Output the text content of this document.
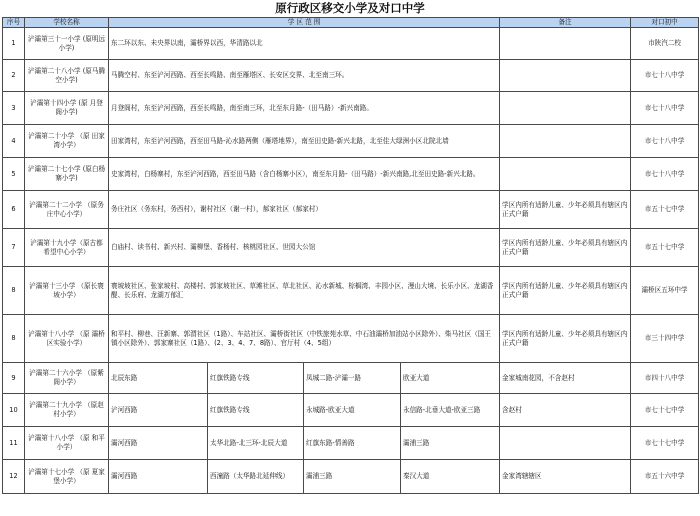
原行政区移交小学及对口中学
序号	学校名称	学 区 范 围				备注	对口初中
1	浐灞第三十一小学 (原明远小学)	东二环以东、未央界以南，灞桥界以西，华清路以北					市陕汽二校
2	浐灞第二十八小学 (原马腾空小学)	马腾空村、东至浐河西路、西至长鸣路、南至雁塔区、长安区交界、北至南三环。					市七十八中学
3	浐灞第十四小学 (原 月登阁小学)	月登阁村，东至浐河西路，西至长鸣路，南至南三环，北至东月路-（田马路）-新兴南路。					市七十八中学
4	浐灞第二十小学 （原 田家湾小学）	田家湾村，东至浐河西路，西至田马路-沁水路两侧（雁塔地界），南至田史路-新兴北路，北至佳大绿洲小区北院北墙					市七十八中学
5	浐灞第二十七小学 (原白杨寨小学)	史家湾村，白杨寨村，东至浐河西路，西至田马路（含白杨寨小区），南至东月路-（田马路）-新兴南路,北至田史路-新兴北路。					市七十八中学
6	浐灞第二十二小学 （原务庄中心小学）	务庄社区（务东村，务西村），谢村社区（谢一村），郝家社区（郝家村）				学区内所有适龄儿童、少年必须具有辖区内正式户籍	市五十七中学
7	浐灞第十九小学（原古都希望中心小学）	白庙村、读书村、新兴村、灞柳堡、香杨村、核桃园社区、世园大公馆				学区内所有适龄儿童、少年必须具有辖区内正式户籍	市五十七中学
8	浐灞第十三小学 （原长寰坡小学）	寰坡坡社区、张家坡村、高楼村、郭家坡社区、草滩社区、草北社区、沁水新城、棕榈湾、丰园小区、漫山大境、长乐小区、龙湖香醍、长乐府、龙湖万郁汇				学区内所有适龄儿童、少年必须具有辖区内正式户籍	灞桥区五环中学
8	浐灞第十八小学 （原 灞桥区实验小学）	和平村、柳巷、汪新寨、郭渭社区（1路）、车站社区、灞桥街社区（中铁旅苑水草、中石油灞桥加油站小区除外）、柴马社区（国王镇小区除外）、郭家寨社区（1路）、(2、3、4、7、8路）、官厅村（4、5组）				学区内所有适龄儿童、少年必须具有辖区内正式户籍	市三十四中学
9	浐灞第二十六小学 （原紫阁小学）	北辰东路	红旗铁路专线	凤城二路-浐灞一路	欧亚大道	金家城南花园，不含赵村	市四十八中学
10	浐灞第二十九小学 （原赵村小学）	浐河西路	红旗铁路专线	永城路-欧亚大道	永信路-北垂大道-欧亚三路	含赵村	市七十七中学
11	浐灞第十八小学 （原 和平小学）	灞河西路	太华北路-北三环-北辰大道	红旗东路-情善路	灞浦三路		市七十七中学
12	浐灞第十七小学 （原 夏家堡小学）	灞河西路	西潼路（太华路北延伸线）	灞浦三路	秦汉大道	金家湾辖辖区	市五十六中学
